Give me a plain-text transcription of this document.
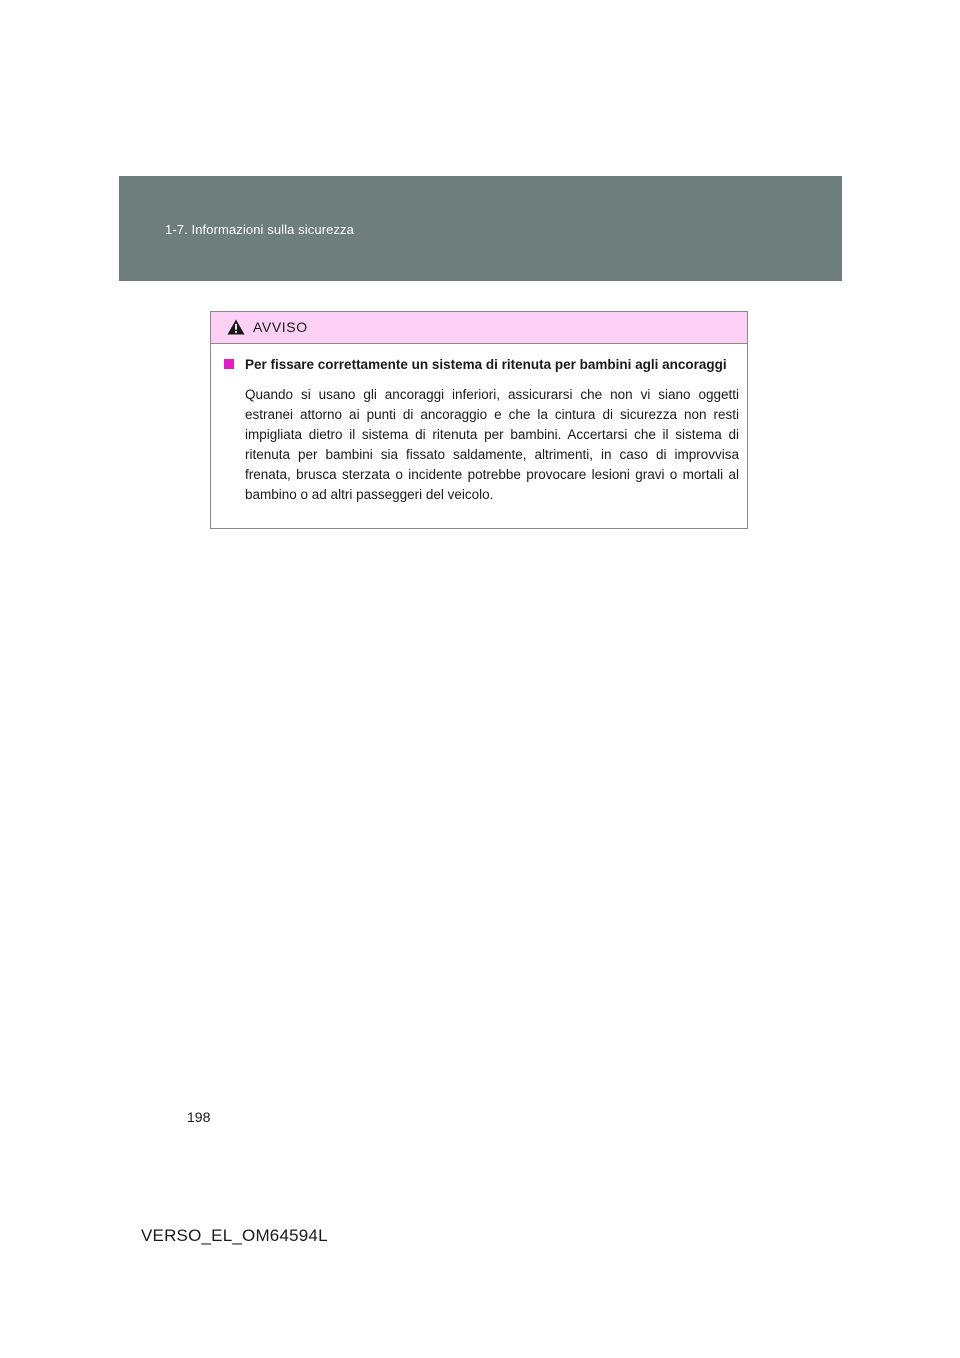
1-7. Informazioni sulla sicurezza
AVVISO

Per fissare correttamente un sistema di ritenuta per bambini agli ancoraggi

Quando si usano gli ancoraggi inferiori, assicurarsi che non vi siano oggetti estranei attorno ai punti di ancoraggio e che la cintura di sicurezza non resti impigliata dietro il sistema di ritenuta per bambini. Accertarsi che il sistema di ritenuta per bambini sia fissato saldamente, altrimenti, in caso di improvvisa frenata, brusca sterzata o incidente potrebbe provocare lesioni gravi o mortali al bambino o ad altri passeggeri del veicolo.

198
VERSO_EL_OM64594L
